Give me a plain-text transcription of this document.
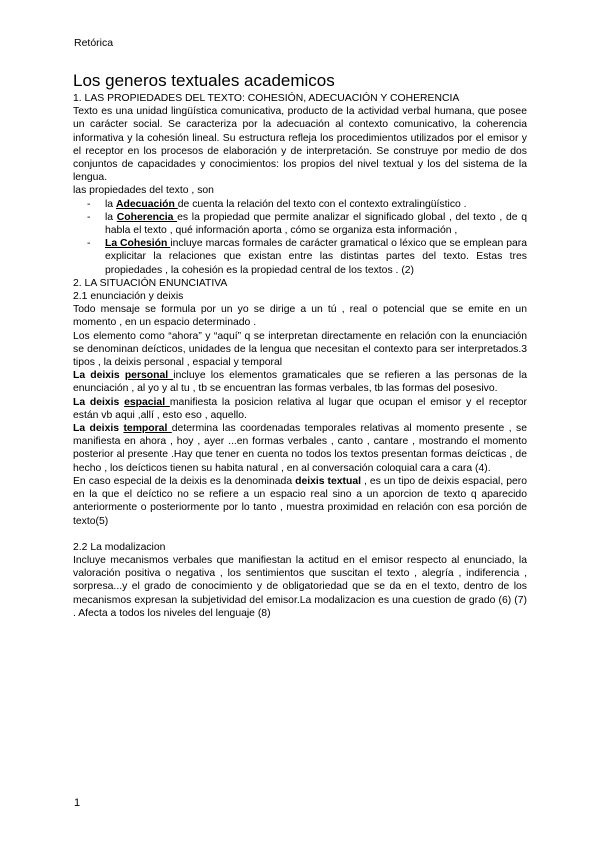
Retórica
Los generos textuales academicos

1. LAS PROPIEDADES DEL TEXTO: COHESIÓN, ADECUACIÓN Y COHERENCIA

Texto es una unidad lingüística comunicativa, producto de la actividad verbal humana, que posee un carácter social. Se caracteriza por la adecuación al contexto comunicativo, la coherencia informativa y la cohesión lineal. Su estructura refleja los procedimientos utilizados por el emisor y el receptor en los procesos de elaboración y de interpretación. Se construye por medio de dos conjuntos de capacidades y conocimientos: los propios del nivel textual y los del sistema de la lengua.

las propiedades del texto , son

- la Adecuación de cuenta la relación del texto con el contexto extralingüístico .
- la Coherencia es la propiedad que permite analizar el significado global , del texto , de q habla el texto , qué información aporta , cómo se organiza esta información ,
- La Cohesión incluye marcas formales de carácter gramatical o léxico que se emplean para explicitar la relaciones que existan entre las distintas partes del texto. Estas tres propiedades , la cohesión es la propiedad central de los textos . (2)

2. LA SITUACIÓN ENUNCIATIVA

2.1 enunciación y deixis

Todo mensaje se formula por un yo se dirige a un tú , real o potencial que se emite en un momento , en un espacio determinado .

Los elemento como “ahora” y “aquí” q se interpretan directamente en relación con la enunciación se denominan deícticos, unidades de la lengua que necesitan el contexto para ser interpretados.3 tipos , la deixis personal , espacial y temporal

La deixis personal incluye los elementos gramaticales que se refieren a las personas de la enunciación , al yo y al tu , tb se encuentran las formas verbales, tb las formas del posesivo.

La deixis espacial manifiesta la posicion relativa al lugar que ocupan el emisor y el receptor están vb aqui ,allí , esto eso , aquello.

La deixis temporal determina las coordenadas temporales relativas al momento presente , se manifiesta en ahora , hoy , ayer ...en formas verbales , canto , cantare , mostrando el momento posterior al presente .Hay que tener en cuenta no todos los textos presentan formas deícticas , de hecho , los deícticos tienen su habita natural , en al conversación coloquial cara a cara (4).

En caso especial de la deixis es la denominada deixis textual , es un tipo de deixis espacial, pero en la que el deíctico no se refiere a un espacio real sino a un aporcion de texto q aparecido anteriormente o posteriormente por lo tanto , muestra proximidad en relación con esa porción de texto(5)

2.2 La modalizacion

Incluye mecanismos verbales que manifiestan la actitud en el emisor respecto al enunciado, la valoración positiva o negativa , los sentimientos que suscitan el texto , alegría , indiferencia , sorpresa...y el grado de conocimiento y de obligatoriedad que se da en el texto, dentro de los mecanismos expresan la subjetividad del emisor.La modalizacion es una cuestion de grado (6) (7) . Afecta a todos los niveles del lenguaje (8)

1
